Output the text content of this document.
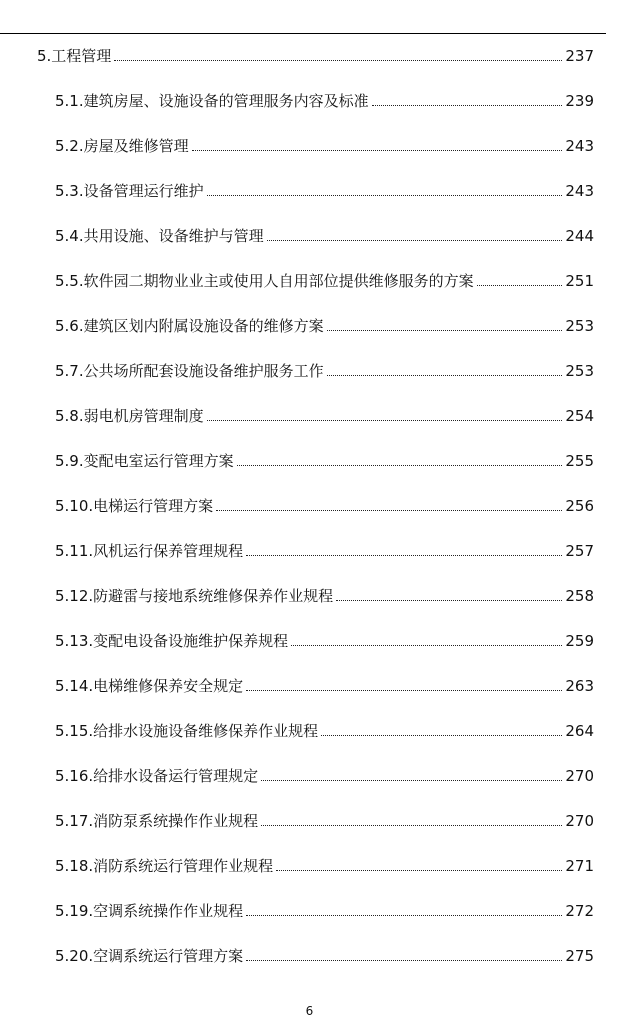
5.工程管理	237
5.1.建筑房屋、设施设备的管理服务内容及标准	239
5.2.房屋及维修管理	243
5.3.设备管理运行维护	243
5.4.共用设施、设备维护与管理	244
5.5.软件园二期物业业主或使用人自用部位提供维修服务的方案	251
5.6.建筑区划内附属设施设备的维修方案	253
5.7.公共场所配套设施设备维护服务工作	253
5.8.弱电机房管理制度	254
5.9.变配电室运行管理方案	255
5.10.电梯运行管理方案	256
5.11.风机运行保养管理规程	257
5.12.防避雷与接地系统维修保养作业规程	258
5.13.变配电设备设施维护保养规程	259
5.14.电梯维修保养安全规定	263
5.15.给排水设施设备维修保养作业规程	264
5.16.给排水设备运行管理规定	270
5.17.消防泵系统操作作业规程	270
5.18.消防系统运行管理作业规程	271
5.19.空调系统操作作业规程	272
5.20.空调系统运行管理方案	275
6
